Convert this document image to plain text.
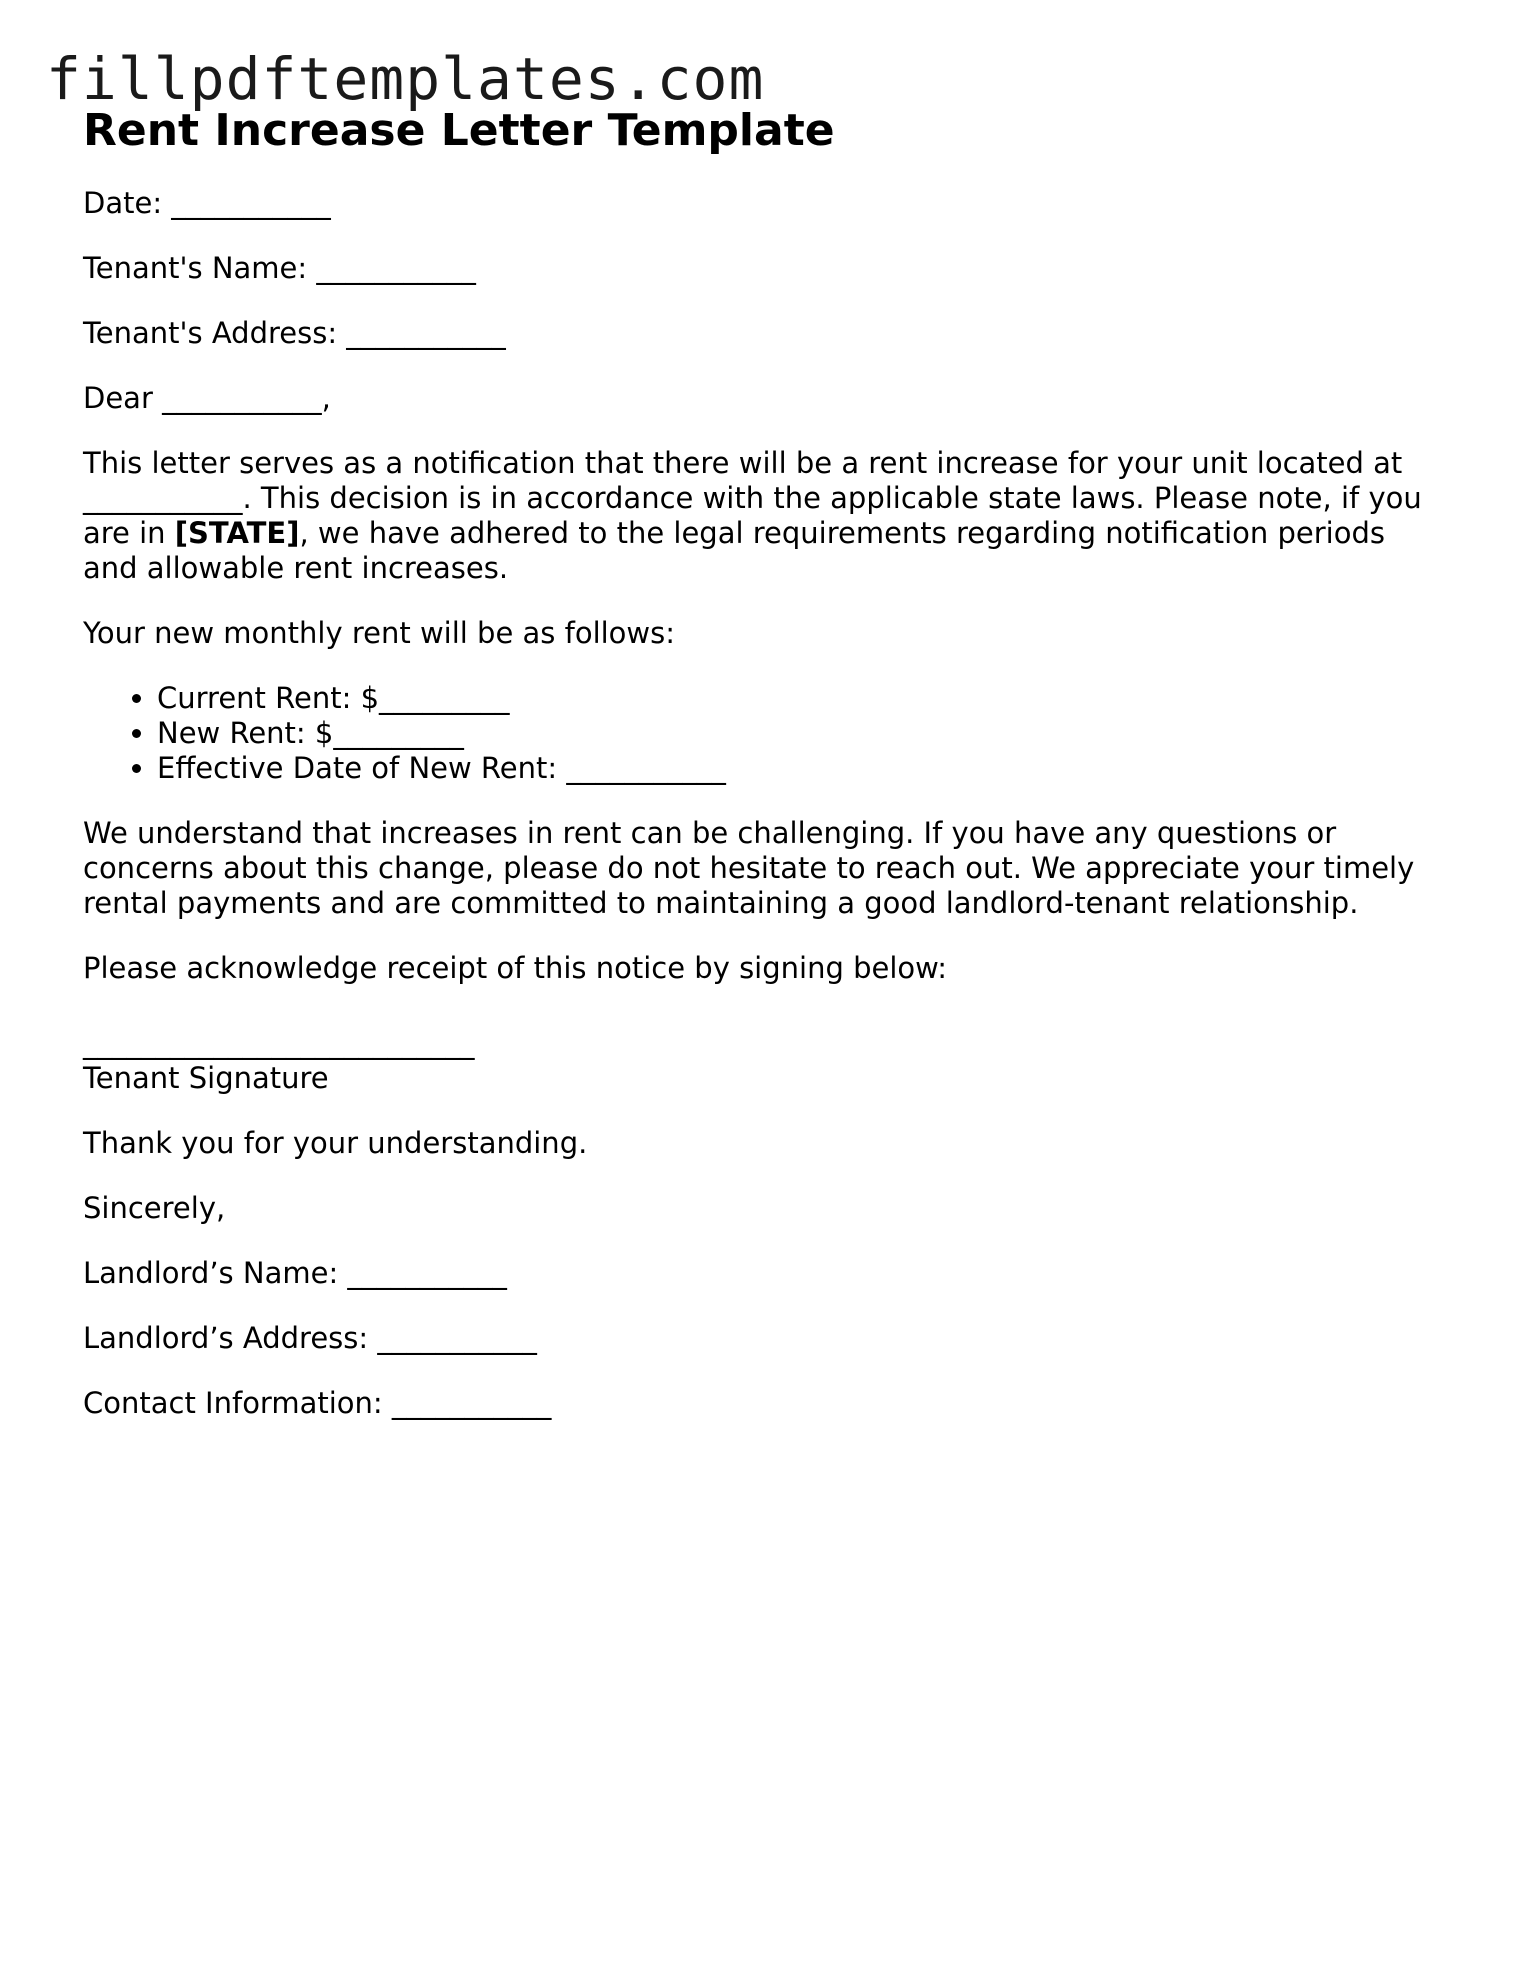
fillpdftemplates.com
Rent Increase Letter Template

Date: ___________

Tenant's Name: ___________

Tenant's Address: ___________

Dear ___________,

This letter serves as a notification that there will be a rent increase for your unit located at ___________. This decision is in accordance with the applicable state laws. Please note, if you are in [STATE], we have adhered to the legal requirements regarding notification periods and allowable rent increases.

Your new monthly rent will be as follows:

• Current Rent: $_________
• New Rent: $_________
• Effective Date of New Rent: ___________

We understand that increases in rent can be challenging. If you have any questions or concerns about this change, please do not hesitate to reach out. We appreciate your timely rental payments and are committed to maintaining a good landlord-tenant relationship.

Please acknowledge receipt of this notice by signing below:

___________________________

Tenant Signature

Thank you for your understanding.

Sincerely,

Landlord’s Name: ___________

Landlord’s Address: ___________

Contact Information: ___________
